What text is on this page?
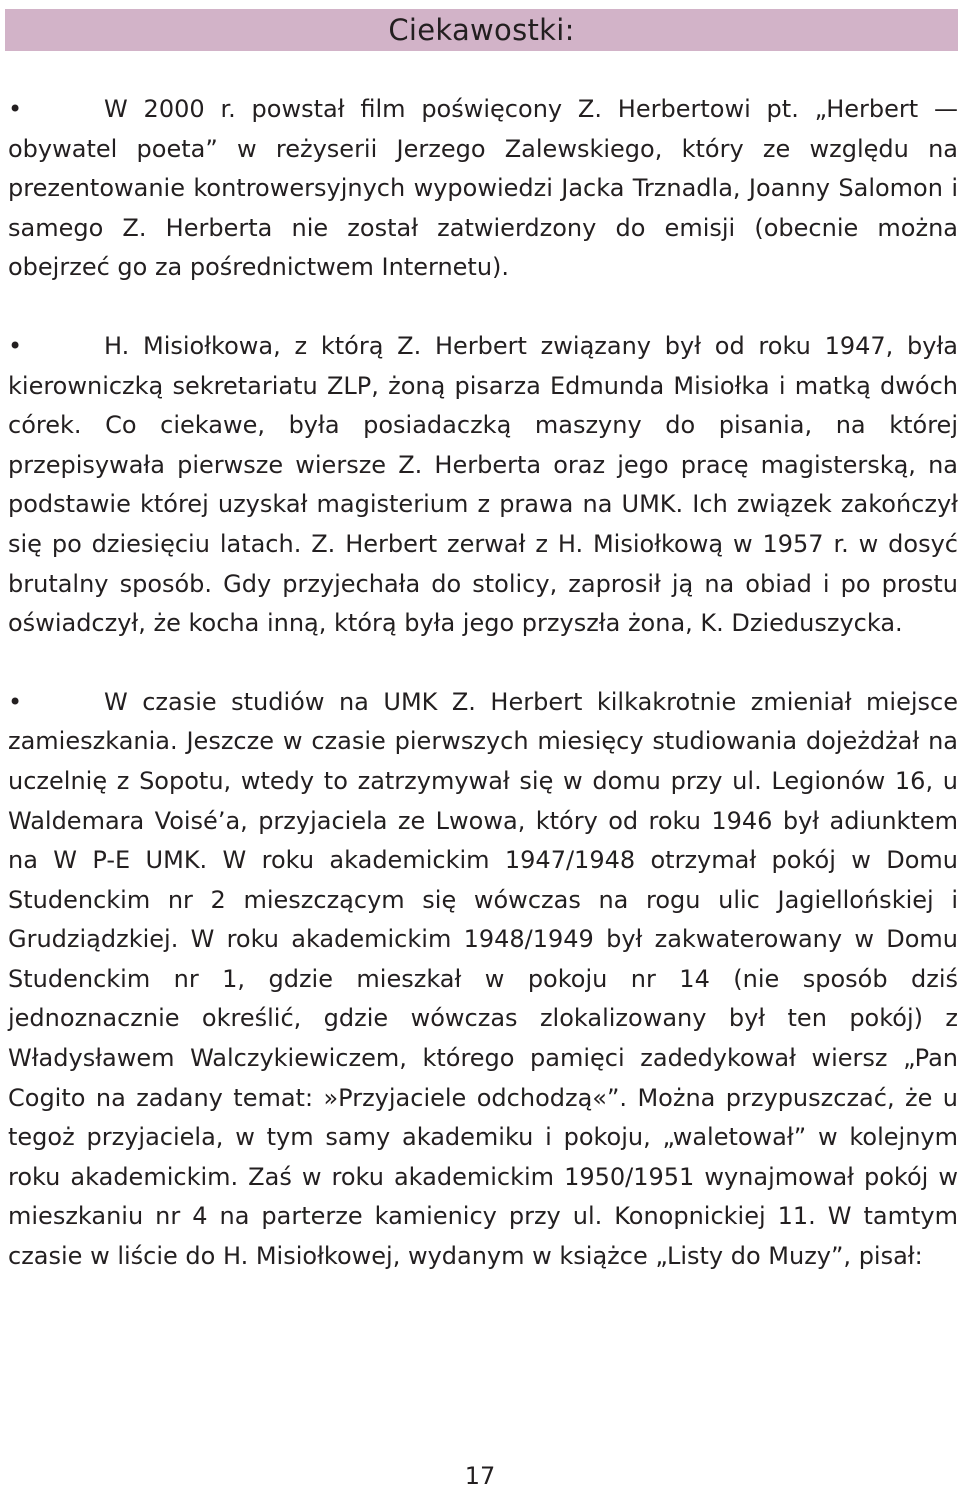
Ciekawostki:

•	W 2000 r. powstał film poświęcony Z. Herbertowi pt. „Herbert — obywatel poeta” w reżyserii Jerzego Zalewskiego, który ze względu na prezentowanie kontrowersyjnych wypowiedzi Jacka Trznadla, Joanny Salomon i samego Z. Herberta nie został zatwierdzony do emisji (obecnie można obejrzeć go za pośrednictwem Internetu).

•	H. Misiołkowa, z którą Z. Herbert związany był od roku 1947, była kierowniczką sekretariatu ZLP, żoną pisarza Edmunda Misiołka i matką dwóch córek. Co ciekawe, była posiadaczką maszyny do pisania, na której przepisywała pierwsze wiersze Z. Herberta oraz jego pracę magisterską, na podstawie której uzyskał magisterium z prawa na UMK. Ich związek zakończył się po dziesięciu latach. Z. Herbert zerwał z H. Misiołkową w 1957 r. w dosyć brutalny sposób. Gdy przyjechała do stolicy, zaprosił ją na obiad i po prostu oświadczył, że kocha inną, którą była jego przyszła żona, K. Dzieduszycka.

•	W czasie studiów na UMK Z. Herbert kilkakrotnie zmieniał miejsce zamieszkania. Jeszcze w czasie pierwszych miesięcy studiowania dojeżdżał na uczelnię z Sopotu, wtedy to zatrzymywał się w domu przy ul. Legionów 16, u Waldemara Voisé’a, przyjaciela ze Lwowa, który od roku 1946 był adiunktem na W P-E UMK. W roku akademickim 1947/1948 otrzymał pokój w Domu Studenckim nr 2 mieszczącym się wówczas na rogu ulic Jagiellońskiej i Grudziądzkiej. W roku akademickim 1948/1949 był zakwaterowany w Domu Studenckim nr 1, gdzie mieszkał w pokoju nr 14 (nie sposób dziś jednoznacznie określić, gdzie wówczas zlokalizowany był ten pokój) z Władysławem Walczykiewiczem, którego pamięci zadedykował wiersz „Pan Cogito na zadany temat: »Przyjaciele odchodzą«”. Można przypuszczać, że u tegoż przyjaciela, w tym samy akademiku i pokoju, „waletował” w kolejnym roku akademickim. Zaś w roku akademickim 1950/1951 wynajmował pokój w mieszkaniu nr 4 na parterze kamienicy przy ul. Konopnickiej 11. W tamtym czasie w liście do H. Misiołkowej, wydanym w książce „Listy do Muzy”, pisał:

17
